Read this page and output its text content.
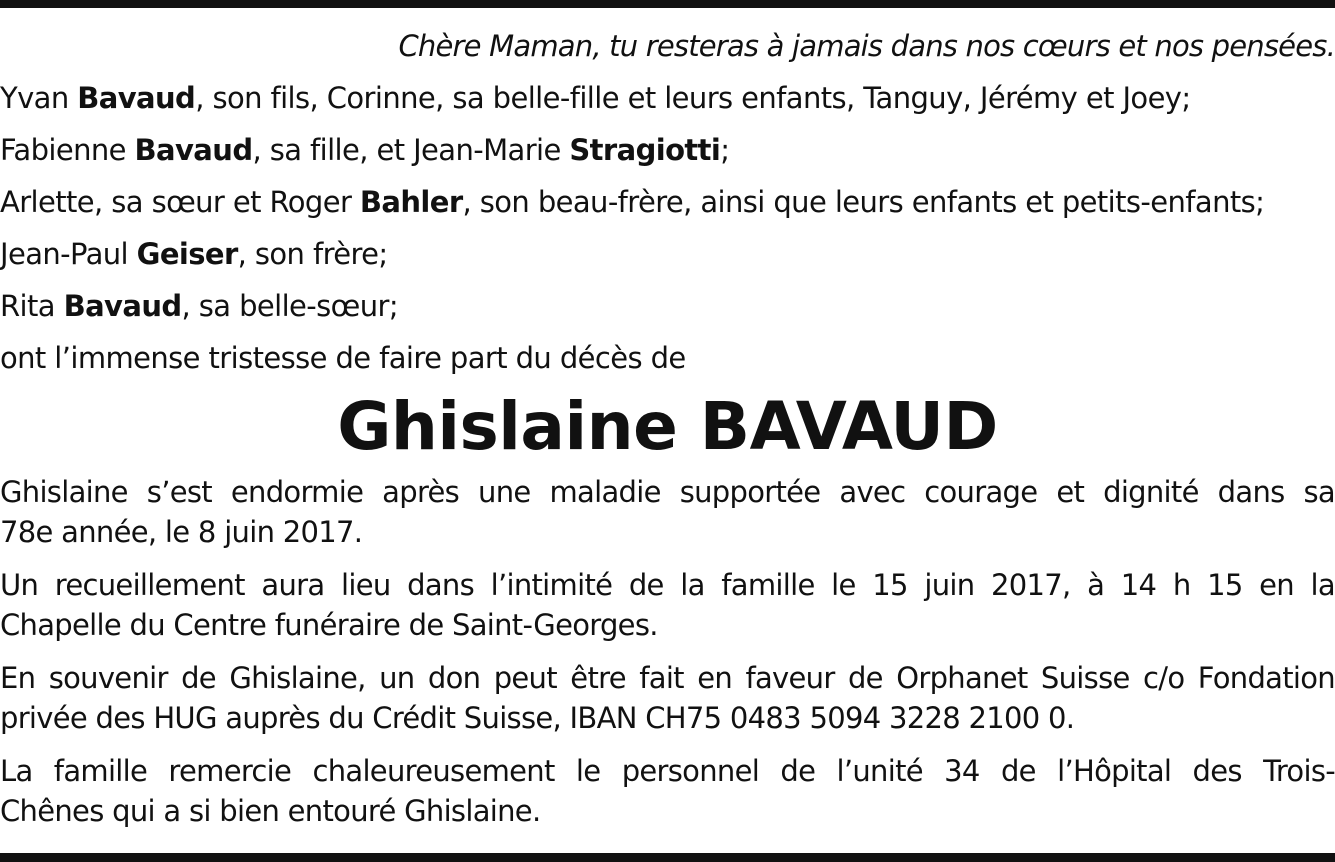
Chère Maman, tu resteras à jamais dans nos cœurs et nos pensées.
Yvan Bavaud, son fils, Corinne, sa belle-fille et leurs enfants, Tanguy, Jérémy et Joey;
Fabienne Bavaud, sa fille, et Jean-Marie Stragiotti;
Arlette, sa sœur et Roger Bahler, son beau-frère, ainsi que leurs enfants et petits-enfants;
Jean-Paul Geiser, son frère;
Rita Bavaud, sa belle-sœur;
ont l’immense tristesse de faire part du décès de
Ghislaine BAVAUD
Ghislaine s’est endormie après une maladie supportée avec courage et dignité dans sa
78e année, le 8 juin 2017.
Un recueillement aura lieu dans l’intimité de la famille le 15 juin 2017, à 14 h 15 en la
Chapelle du Centre funéraire de Saint-Georges.
En souvenir de Ghislaine, un don peut être fait en faveur de Orphanet Suisse c/o Fondation
privée des HUG auprès du Crédit Suisse, IBAN CH75 0483 5094 3228 2100 0.
La famille remercie chaleureusement le personnel de l’unité 34 de l’Hôpital des Trois-
Chênes qui a si bien entouré Ghislaine.
